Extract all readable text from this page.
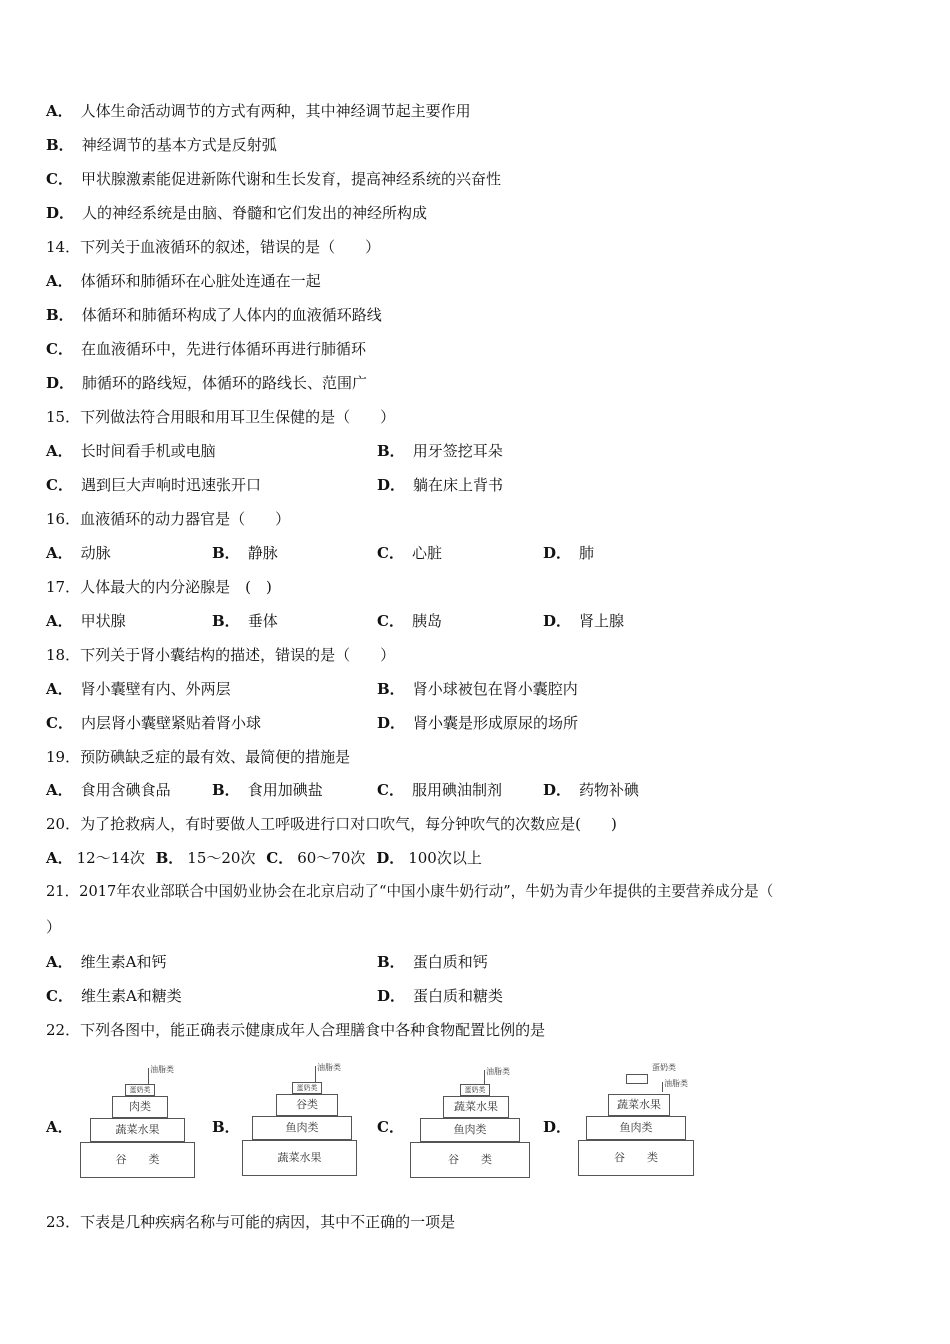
A． 人体生命活动调节的方式有两种，其中神经调节起主要作用
B． 神经调节的基本方式是反射弧
C． 甲状腺激素能促进新陈代谢和生长发育，提高神经系统的兴奋性
D． 人的神经系统是由脑、脊髓和它们发出的神经所构成
14．下列关于血液循环的叙述，错误的是（　　）
A． 体循环和肺循环在心脏处连通在一起
B． 体循环和肺循环构成了人体内的血液循环路线
C． 在血液循环中，先进行体循环再进行肺循环
D． 肺循环的路线短，体循环的路线长、范围广
15．下列做法符合用眼和用耳卫生保健的是（　　）
A． 长时间看手机或电脑	B． 用牙签挖耳朵
C． 遇到巨大声响时迅速张开口	D． 躺在床上背书
16．血液循环的动力器官是（　　）
A． 动脉	B． 静脉	C． 心脏	D． 肺
17．人体最大的内分泌腺是　(　)
A． 甲状腺	B． 垂体	C． 胰岛	D． 肾上腺
18．下列关于肾小囊结构的描述，错误的是（　　）
A． 肾小囊壁有内、外两层	B． 肾小球被包在肾小囊腔内
C． 内层肾小囊壁紧贴着肾小球	D． 肾小囊是形成原尿的场所
19．预防碘缺乏症的最有效、最简便的措施是
A． 食用含碘食品	B． 食用加碘盐	C． 服用碘油制剂	D． 药物补碘
20．为了抢救病人，有时要做人工呼吸进行口对口吹气，每分钟吹气的次数应是(　　)
A． 12～14次 B． 15～20次 C． 60～70次 D． 100次以上
21．2017年农业部联合中国奶业协会在北京启动了“中国小康牛奶行动”，牛奶为青少年提供的主要营养成分是（
）
A． 维生素A和钙	B． 蛋白质和钙
C． 维生素A和糖类	D． 蛋白质和糖类
22．下列各图中，能正确表示健康成年人合理膳食中各种食物配置比例的是
A．	B．	C．	D．
油脂类
蛋奶类
肉类
蔬菜水果
谷　　类
油脂类
蛋奶类
谷类
鱼肉类
蔬菜水果
油脂类
蛋奶类
蔬菜水果
鱼肉类
谷　　类
蛋奶类
油脂类
蔬菜水果
鱼肉类
谷　　类
23．下表是几种疾病名称与可能的病因，其中不正确的一项是
